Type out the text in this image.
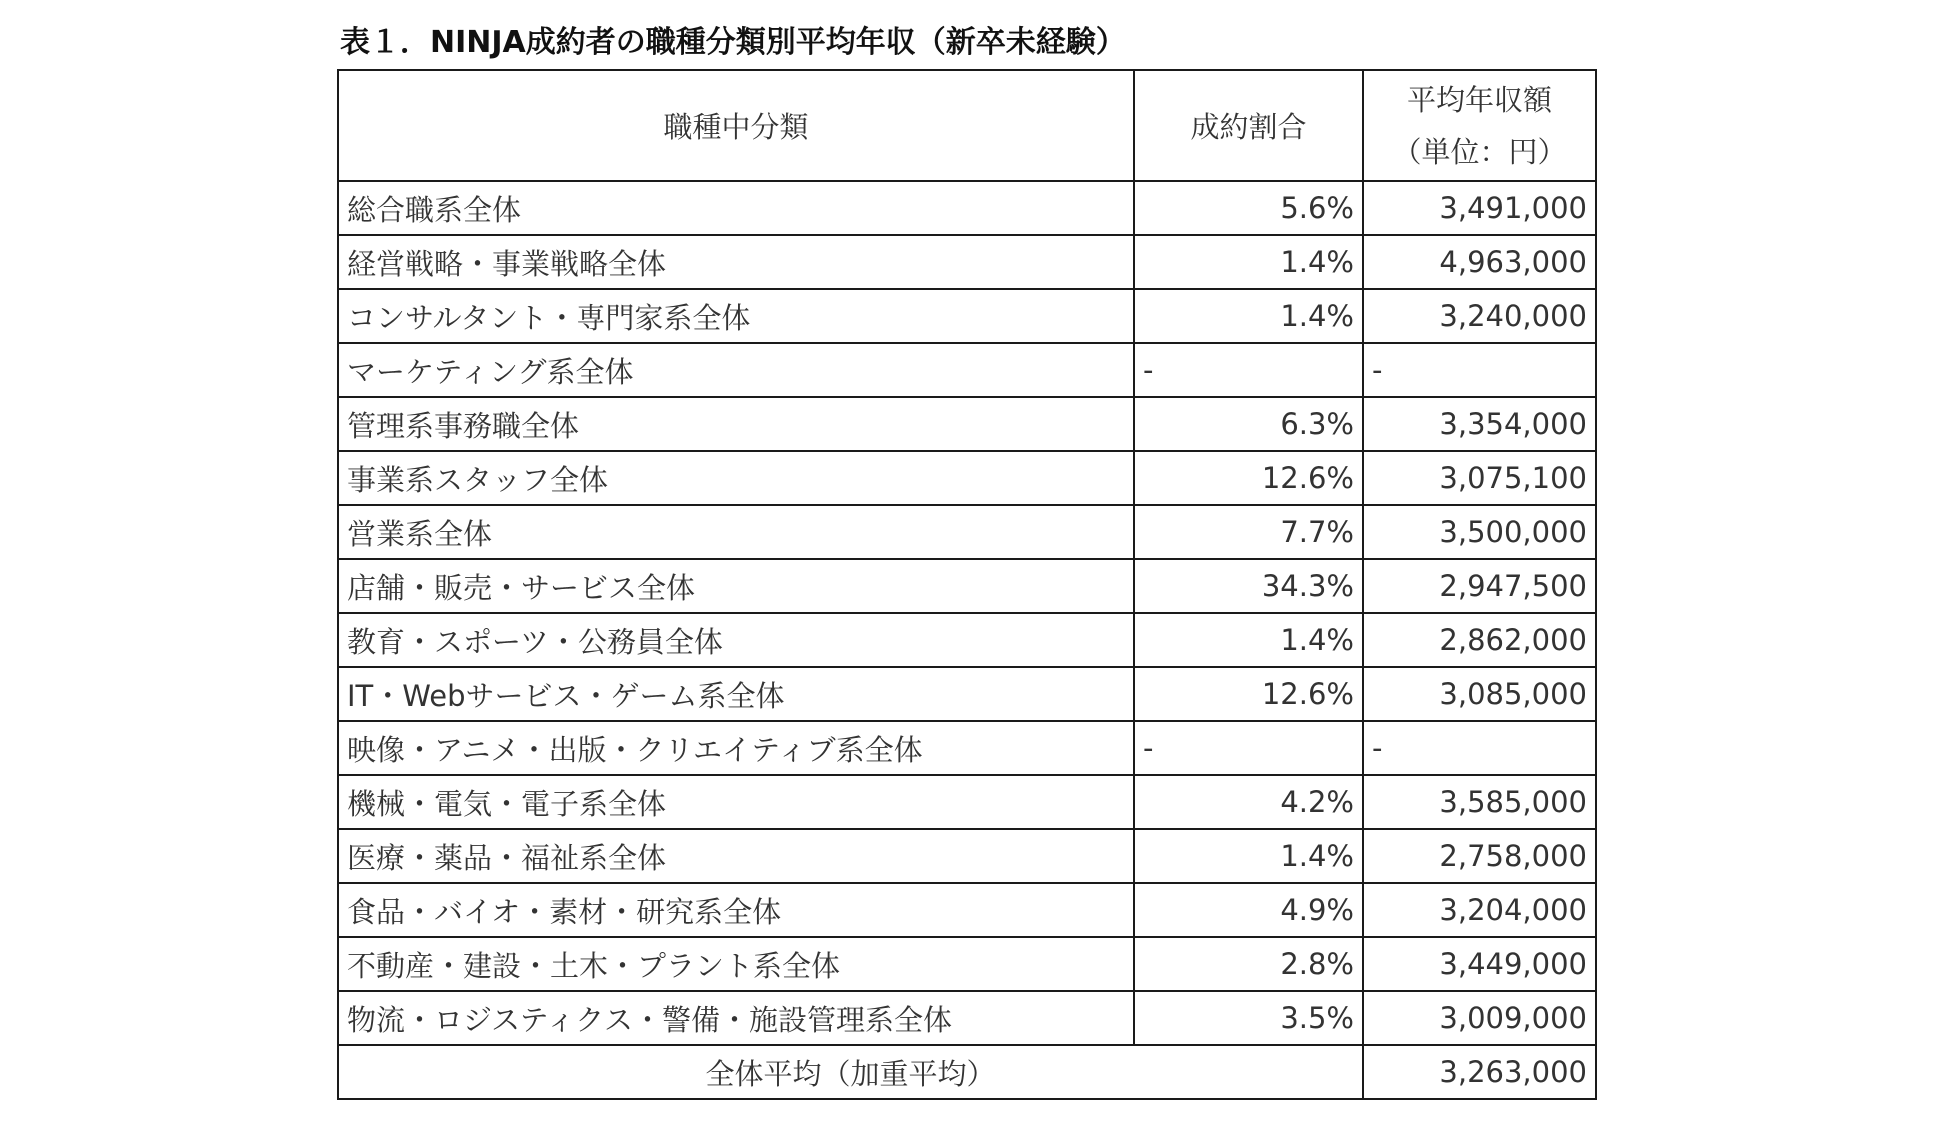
表１．NINJA成約者の職種分類別平均年収（新卒未経験）
職種中分類	成約割合	平均年収額
（単位：円）

総合職系全体	5.6%	3,491,000
経営戦略・事業戦略全体	1.4%	4,963,000
コンサルタント・専門家系全体	1.4%	3,240,000
マーケティング系全体	-	-
管理系事務職全体	6.3%	3,354,000
事業系スタッフ全体	12.6%	3,075,100
営業系全体	7.7%	3,500,000
店舗・販売・サービス全体	34.3%	2,947,500
教育・スポーツ・公務員全体	1.4%	2,862,000
IT・Webサービス・ゲーム系全体	12.6%	3,085,000
映像・アニメ・出版・クリエイティブ系全体	-	-
機械・電気・電子系全体	4.2%	3,585,000
医療・薬品・福祉系全体	1.4%	2,758,000
食品・バイオ・素材・研究系全体	4.9%	3,204,000
不動産・建設・土木・プラント系全体	2.8%	3,449,000
物流・ロジスティクス・警備・施設管理系全体	3.5%	3,009,000
全体平均（加重平均）		3,263,000
